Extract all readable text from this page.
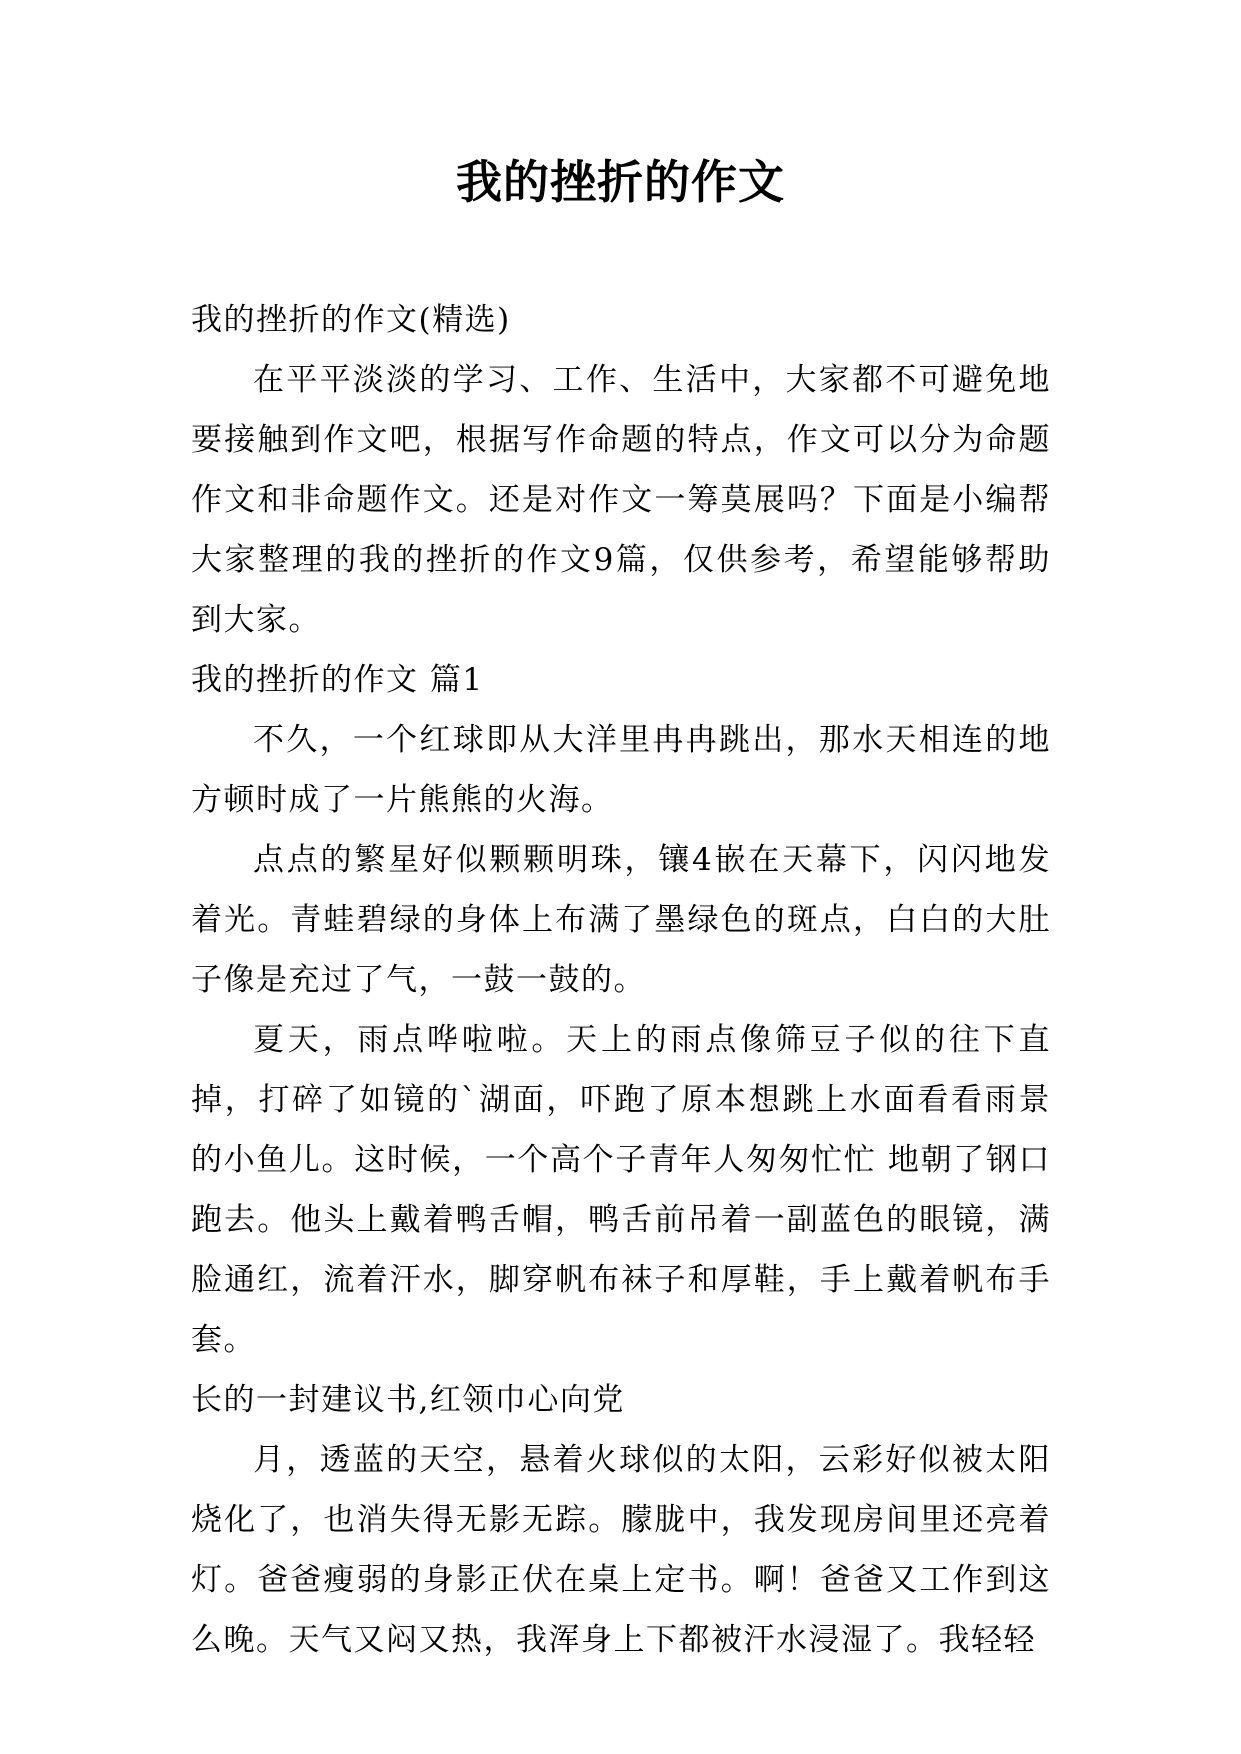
我的挫折的作文

我的挫折的作文(精选)

在平平淡淡的学习、工作、生活中，大家都不可避免地要接触到作文吧，根据写作命题的特点，作文可以分为命题作文和非命题作文。还是对作文一筹莫展吗？下面是小编帮大家整理的我的挫折的作文9篇，仅供参考，希望能够帮助到大家。

我的挫折的作文 篇1

不久，一个红球即从大洋里冉冉跳出，那水天相连的地方顿时成了一片熊熊的火海。

点点的繁星好似颗颗明珠，镶4嵌在天幕下，闪闪地发着光。青蛙碧绿的身体上布满了墨绿色的斑点，白白的大肚子像是充过了气，一鼓一鼓的。

夏天，雨点哗啦啦。天上的雨点像筛豆子似的往下直掉，打碎了如镜的`湖面，吓跑了原本想跳上水面看看雨景的小鱼儿。这时候，一个高个子青年人匆匆忙忙 地朝了钢口跑去。他头上戴着鸭舌帽，鸭舌前吊着一副蓝色的眼镜，满脸通红，流着汗水，脚穿帆布袜子和厚鞋，手上戴着帆布手套。

长的一封建议书,红领巾心向党

月，透蓝的天空，悬着火球似的太阳，云彩好似被太阳烧化了，也消失得无影无踪。朦胧中，我发现房间里还亮着灯。爸爸瘦弱的身影正伏在桌上定书。啊！爸爸又工作到这么晚。天气又闷又热，我浑身上下都被汗水浸湿了。我轻轻
